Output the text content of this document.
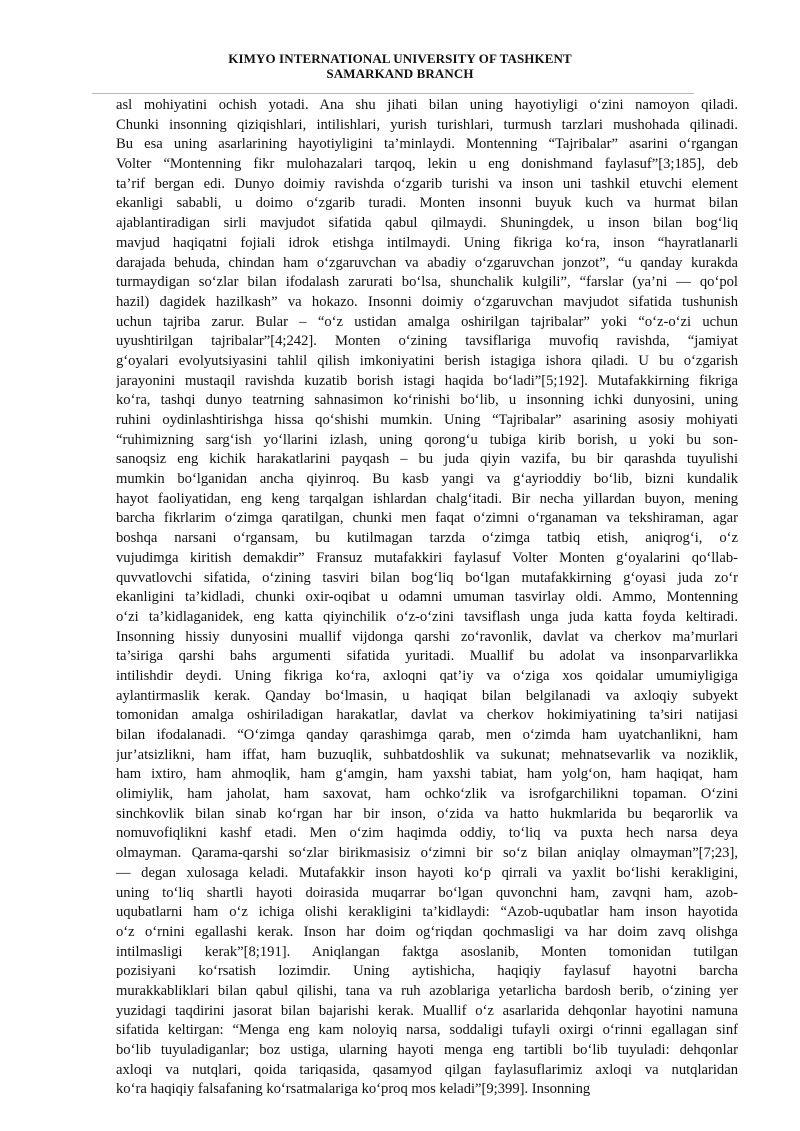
KIMYO INTERNATIONAL UNIVERSITY OF TASHKENT
SAMARKAND BRANCH
asl mohiyatini ochish yotadi. Ana shu jihati bilan uning hayotiyligi o‘zini namoyon qiladi.
Chunki insonning qiziqishlari, intilishlari, yurish turishlari, turmush tarzlari mushohada qilinadi.
Bu esa uning asarlarining hayotiyligini ta’minlaydi. Montenning “Tajribalar” asarini o‘rgangan
Volter “Montenning fikr mulohazalari tarqoq, lekin u eng donishmand faylasuf”[3;185], deb
ta’rif bergan edi. Dunyo doimiy ravishda o‘zgarib turishi va inson uni tashkil etuvchi element
ekanligi sababli, u doimo o‘zgarib turadi. Monten insonni buyuk kuch va hurmat bilan
ajablantiradigan sirli mavjudot sifatida qabul qilmaydi. Shuningdek, u inson bilan bog‘liq
mavjud haqiqatni fojiali idrok etishga intilmaydi. Uning fikriga ko‘ra, inson “hayratlanarli
darajada behuda, chindan ham o‘zgaruvchan va abadiy o‘zgaruvchan jonzot”, “u qanday kurakda
turmaydigan so‘zlar bilan ifodalash zarurati bo‘lsa, shunchalik kulgili”, “farslar (ya’ni — qo‘pol
hazil) dagidek hazilkash” va hokazo. Insonni doimiy o‘zgaruvchan mavjudot sifatida tushunish
uchun tajriba zarur. Bular – “o‘z ustidan amalga oshirilgan tajribalar” yoki “o‘z-o‘zi uchun
uyushtirilgan tajribalar”[4;242]. Monten o‘zining tavsiflariga muvofiq ravishda, “jamiyat
g‘oyalari evolyutsiyasini tahlil qilish imkoniyatini berish istagiga ishora qiladi. U bu o‘zgarish
jarayonini mustaqil ravishda kuzatib borish istagi haqida bo‘ladi”[5;192]. Mutafakkirning fikriga
ko‘ra, tashqi dunyo teatrning sahnasimon ko‘rinishi bo‘lib, u insonning ichki dunyosini, uning
ruhini oydinlashtirishga hissa qo‘shishi mumkin. Uning “Tajribalar” asarining asosiy mohiyati
“ruhimizning sarg‘ish yo‘llarini izlash, uning qorong‘u tubiga kirib borish, u yoki bu son-
sanoqsiz eng kichik harakatlarini payqash – bu juda qiyin vazifa, bu bir qarashda tuyulishi
mumkin bo‘lganidan ancha qiyinroq. Bu kasb yangi va g‘ayrioddiy bo‘lib, bizni kundalik
hayot faoliyatidan, eng keng tarqalgan ishlardan chalg‘itadi. Bir necha yillardan buyon, mening
barcha fikrlarim o‘zimga qaratilgan, chunki men faqat o‘zimni o‘rganaman va tekshiraman, agar
boshqa narsani o‘rgansam, bu kutilmagan tarzda o‘zimga tatbiq etish, aniqrog‘i, o‘z
vujudimga kiritish demakdir” Fransuz mutafakkiri faylasuf Volter Monten g‘oyalarini qo‘llab-
quvvatlovchi sifatida, o‘zining tasviri bilan bog‘liq bo‘lgan mutafakkirning g‘oyasi juda zo‘r
ekanligini ta’kidladi, chunki oxir-oqibat u odamni umuman tasvirlay oldi. Ammo, Montenning
o‘zi ta’kidlaganidek, eng katta qiyinchilik o‘z-o‘zini tavsiflash unga juda katta foyda keltiradi.
Insonning hissiy dunyosini muallif vijdonga qarshi zo‘ravonlik, davlat va cherkov ma’murlari
ta’siriga qarshi bahs argumenti sifatida yuritadi. Muallif bu adolat va insonparvarlikka
intilishdir deydi. Uning fikriga ko‘ra, axloqni qat’iy va o‘ziga xos qoidalar umumiyligiga
aylantirmaslik kerak. Qanday bo‘lmasin, u haqiqat bilan belgilanadi va axloqiy subyekt
tomonidan amalga oshiriladigan harakatlar, davlat va cherkov hokimiyatining ta’siri natijasi
bilan ifodalanadi. “O‘zimga qanday qarashimga qarab, men o‘zimda ham uyatchanlikni, ham
jur’atsizlikni, ham iffat, ham buzuqlik, suhbatdoshlik va sukunat; mehnatsevarlik va noziklik,
ham ixtiro, ham ahmoqlik, ham g‘amgin, ham yaxshi tabiat, ham yolg‘on, ham haqiqat, ham
olimiylik, ham jaholat, ham saxovat, ham ochko‘zlik va isrofgarchilikni topaman. O‘zini
sinchkovlik bilan sinab ko‘rgan har bir inson, o‘zida va hatto hukmlarida bu beqarorlik va
nomuvofiqlikni kashf etadi. Men o‘zim haqimda oddiy, to‘liq va puxta hech narsa deya
olmayman. Qarama-qarshi so‘zlar birikmasisiz o‘zimni bir so‘z bilan aniqlay olmayman”[7;23],
— degan xulosaga keladi. Mutafakkir inson hayoti ko‘p qirrali va yaxlit bo‘lishi kerakligini,
uning to‘liq shartli hayoti doirasida muqarrar bo‘lgan quvonchni ham, zavqni ham, azob-
uqubatlarni ham o‘z ichiga olishi kerakligini ta’kidlaydi: “Azob-uqubatlar ham inson hayotida
o‘z o‘rnini egallashi kerak. Inson har doim og‘riqdan qochmasligi va har doim zavq olishga
intilmasligi kerak”[8;191]. Aniqlangan faktga asoslanib, Monten tomonidan tutilgan
pozisiyani ko‘rsatish lozimdir. Uning aytishicha, haqiqiy faylasuf hayotni barcha
murakkabliklari bilan qabul qilishi, tana va ruh azoblariga yetarlicha bardosh berib, o‘zining yer
yuzidagi taqdirini jasorat bilan bajarishi kerak. Muallif o‘z asarlarida dehqonlar hayotini namuna
sifatida keltirgan: “Menga eng kam noloyiq narsa, soddaligi tufayli oxirgi o‘rinni egallagan sinf
bo‘lib tuyuladiganlar; boz ustiga, ularning hayoti menga eng tartibli bo‘lib tuyuladi: dehqonlar
axloqi va nutqlari, qoida tariqasida, qasamyod qilgan faylasuflarimiz axloqi va nutqlaridan
ko‘ra haqiqiy falsafaning ko‘rsatmalariga ko‘proq mos keladi”[9;399]. Insonning
